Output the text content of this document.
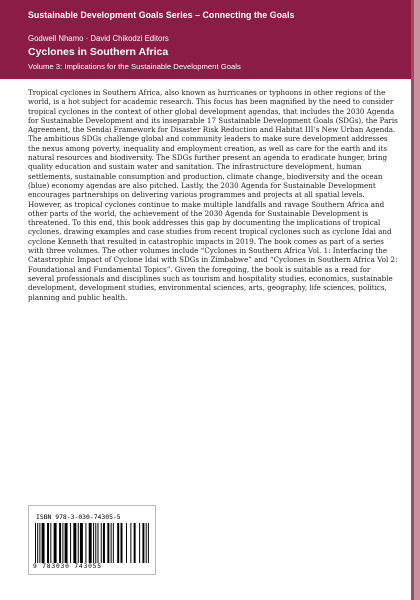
Sustainable Development Goals Series – Connecting the Goals
Godwell Nhamo · David Chikodzi Editors
Cyclones in Southern Africa
Volume 3: Implications for the Sustainable Development Goals

Tropical cyclones in Southern Africa, also known as hurricanes or typhoons in other regions of the world, is a hot subject for academic research. This focus has been magnified by the need to consider tropical cyclones in the context of other global development agendas, that includes the 2030 Agenda for Sustainable Development and its inseparable 17 Sustainable Development Goals (SDGs), the Paris Agreement, the Sendai Framework for Disaster Risk Reduction and Habitat III’s New Urban Agenda. The ambitious SDGs challenge global and community leaders to make sure development addresses the nexus among poverty, inequality and employment creation, as well as care for the earth and its natural resources and biodiversity. The SDGs further present an agenda to eradicate hunger, bring quality education and sustain water and sanitation. The infrastructure development, human settlements, sustainable consumption and production, climate change, biodiversity and the ocean (blue) economy agendas are also pitched. Lastly, the 2030 Agenda for Sustainable Development encourages partnerships on delivering various programmes and projects at all spatial levels. However, as tropical cyclones continue to make multiple landfalls and ravage Southern Africa and other parts of the world, the achievement of the 2030 Agenda for Sustainable Development is threatened. To this end, this book addresses this gap by documenting the implications of tropical cyclones, drawing examples and case studies from recent tropical cyclones such as cyclone Idai and cyclone Kenneth that resulted in catastrophic impacts in 2019. The book comes as part of a series with three volumes. The other volumes include “Cyclones in Southern Africa Vol. 1: Interfacing the Catastrophic Impact of Cyclone Idai with SDGs in Zimbabwe” and “Cyclones in Southern Africa Vol 2: Foundational and Fundamental Topics”. Given the foregoing, the book is suitable as a read for several professionals and disciplines such as tourism and hospitality studies, economics, sustainable development, development studies, environmental sciences, arts, geography, life sciences, politics, planning and public health.

ISBN 978-3-030-74305-5
9 783030 743055
